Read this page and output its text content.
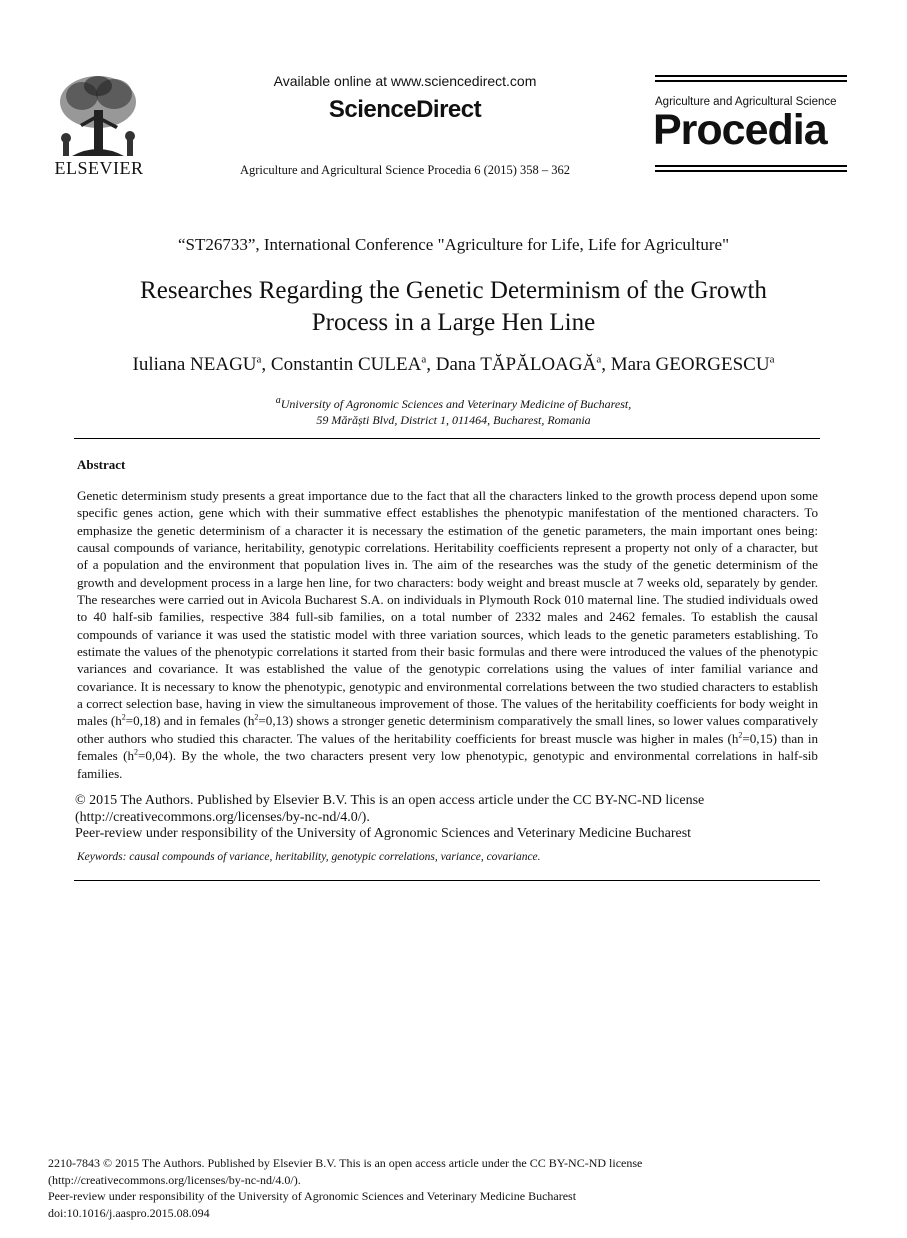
ELSEVIER
Available online at www.sciencedirect.com
ScienceDirect
Agriculture and Agricultural Science Procedia 6 (2015) 358 – 362
Agriculture and Agricultural Science
Procedia
“ST26733”, International Conference "Agriculture for Life, Life for Agriculture"
Researches Regarding the Genetic Determinism of the Growth
Process in a Large Hen Line
Iuliana NEAGU$^a$, Constantin CULEA$^a$, Dana TĂPĂLOAGĂ$^a$, Mara GEORGESCU$^a$
$^a$University of Agronomic Sciences and Veterinary Medicine of Bucharest,
59 Mărăști Blvd, District 1, 011464, Bucharest, Romania
Abstract
Genetic determinism study presents a great importance due to the fact that all the characters linked to the growth process depend upon some specific genes action, gene which with their summative effect establishes the phenotypic manifestation of the mentioned characters. To emphasize the genetic determinism of a character it is necessary the estimation of the genetic parameters, the main important ones being: causal compounds of variance, heritability, genotypic correlations. Heritability coefficients represent a property not only of a character, but of a population and the environment that population lives in. The aim of the researches was the study of the genetic determinism of the growth and development process in a large hen line, for two characters: body weight and breast muscle at 7 weeks old, separately by gender. The researches were carried out in Avicola Bucharest S.A. on individuals in Plymouth Rock 010 maternal line. The studied individuals owed to 40 half-sib families, respective 384 full-sib families, on a total number of 2332 males and 2462 females. To establish the causal compounds of variance it was used the statistic model with three variation sources, which leads to the genetic parameters establishing. To estimate the values of the phenotypic correlations it started from their basic formulas and there were introduced the values of the phenotypic variances and covariance. It was established the value of the genotypic correlations using the values of inter familial variance and covariance. It is necessary to know the phenotypic, genotypic and environmental correlations between the two studied characters to establish a correct selection base, having in view the simultaneous improvement of those. The values of the heritability coefficients for body weight in males $(h^2=0,18)$ and in females $(h^2=0,13)$ shows a stronger genetic determinism comparatively the small lines, so lower values comparatively other authors who studied this character. The values of the heritability coefficients for breast muscle was higher in males $(h^2=0,15)$ than in females $(h^2=0,04)$. By the whole, the two characters present very low phenotypic, genotypic and environmental correlations in half-sib families.
© 2015 The Authors. Published by Elsevier B.V. This is an open access article under the CC BY-NC-ND license
(http://creativecommons.org/licenses/by-nc-nd/4.0/).
Peer-review under responsibility of the University of Agronomic Sciences and Veterinary Medicine Bucharest
Keywords: causal compounds of variance, heritability, genotypic correlations, variance, covariance.
2210-7843 © 2015 The Authors. Published by Elsevier B.V. This is an open access article under the CC BY-NC-ND license
(http://creativecommons.org/licenses/by-nc-nd/4.0/).
Peer-review under responsibility of the University of Agronomic Sciences and Veterinary Medicine Bucharest
doi:10.1016/j.aaspro.2015.08.094
